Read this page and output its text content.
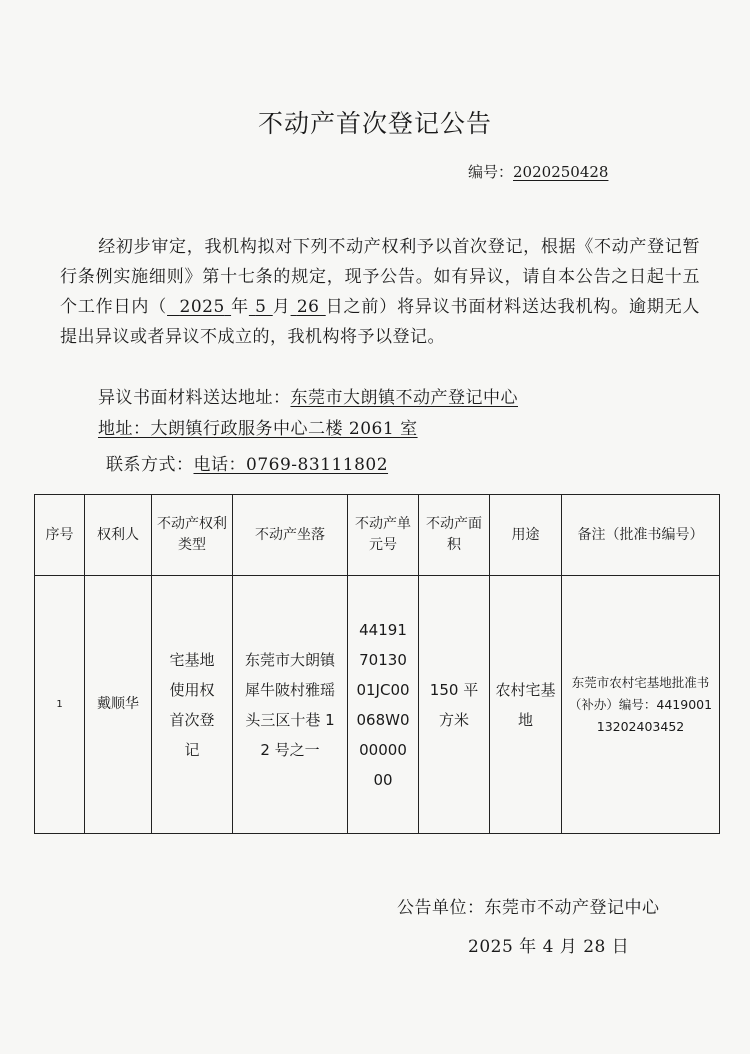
不动产首次登记公告
编号：2020250428
经初步审定，我机构拟对下列不动产权利予以首次登记，根据《不动产登记暂行条例实施细则》第十七条的规定，现予公告。如有异议，请自本公告之日起十五个工作日内（ 2025 年 5 月 26 日之前）将异议书面材料送达我机构。逾期无人提出异议或者异议不成立的，我机构将予以登记。
异议书面材料送达地址：东莞市大朗镇不动产登记中心
地址：大朗镇行政服务中心二楼 2061 室
联系方式：电话：0769-83111802
序号	权利人	不动产权利类型	不动产坐落	不动产单元号	不动产面积	用途	备注（批准书编号）
1	戴顺华	宅基地使用权首次登记	东莞市大朗镇犀牛陂村雅瑶头三区十巷 12 号之一	441917013001JC00068W00000000	150 平方米	农村宅基地	东莞市农村宅基地批准书（补办）编号：441900113202403452
公告单位：东莞市不动产登记中心
2025 年 4 月 28 日
